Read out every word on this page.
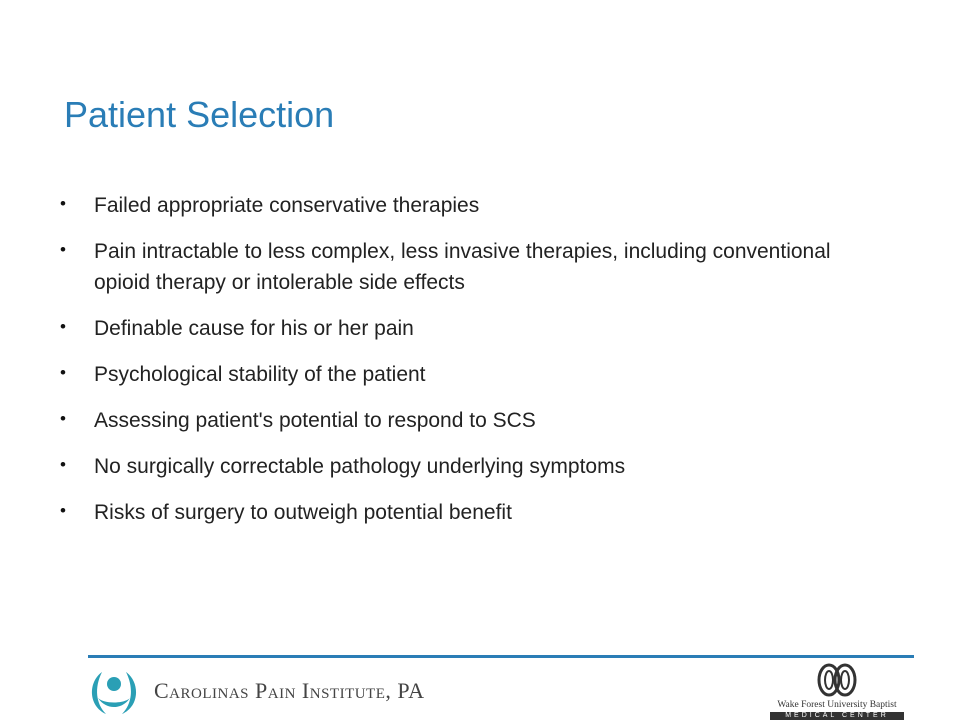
Patient Selection
• Failed appropriate conservative therapies
• Pain intractable to less complex, less invasive therapies, including conventional opioid therapy or intolerable side effects
• Definable cause for his or her pain
• Psychological stability of the patient
• Assessing patient's potential to respond to SCS
• No surgically correctable pathology underlying symptoms
• Risks of surgery to outweigh potential benefit
Carolinas Pain Institute, PA
Wake Forest University Baptist
MEDICAL CENTER
